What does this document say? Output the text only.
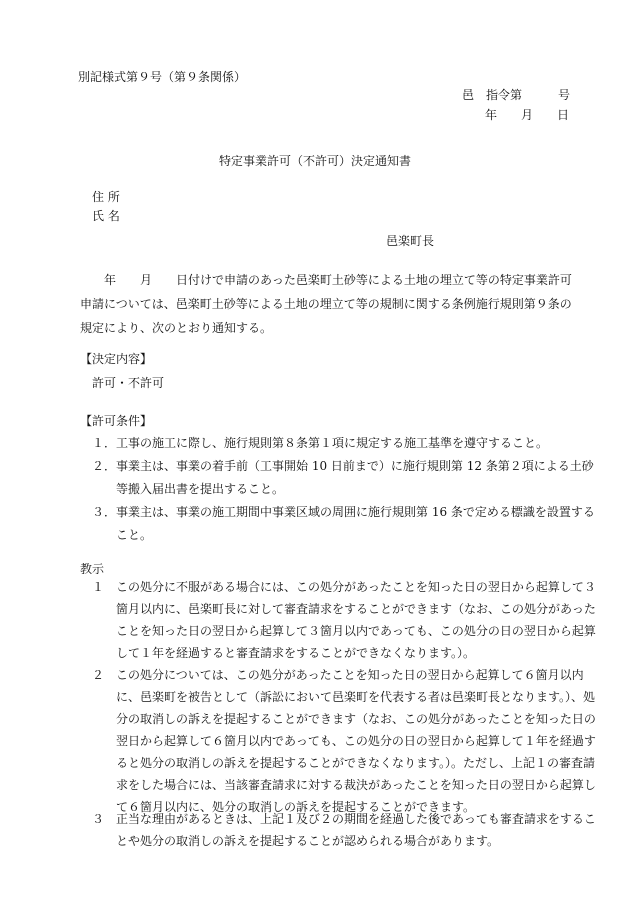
別記様式第９号（第９条関係）
邑　指令第　　　号
年　　月　　日
特定事業許可（不許可）決定通知書
住 所
氏 名
邑楽町長
　　年　　月　　日付けで申請のあった邑楽町土砂等による土地の埋立て等の特定事業許可申請については、邑楽町土砂等による土地の埋立て等の規制に関する条例施行規則第９条の規定により、次のとおり通知する。
【決定内容】
許可・不許可
【許可条件】
１． 工事の施工に際し、施行規則第８条第１項に規定する施工基準を遵守すること。
２． 事業主は、事業の着手前（工事開始 10 日前まで）に施行規則第 12 条第２項による土砂等搬入届出書を提出すること。
３． 事業主は、事業の施工期間中事業区域の周囲に施行規則第 16 条で定める標識を設置すること。
教示
１ この処分に不服がある場合には、この処分があったことを知った日の翌日から起算して３箇月以内に、邑楽町長に対して審査請求をすることができます（なお、この処分があったことを知った日の翌日から起算して３箇月以内であっても、この処分の日の翌日から起算して１年を経過すると審査請求をすることができなくなります。）。
２ この処分については、この処分があったことを知った日の翌日から起算して６箇月以内に、邑楽町を被告として（訴訟において邑楽町を代表する者は邑楽町長となります。）、処分の取消しの訴えを提起することができます（なお、この処分があったことを知った日の翌日から起算して６箇月以内であっても、この処分の日の翌日から起算して１年を経過すると処分の取消しの訴えを提起することができなくなります。）。ただし、上記１の審査請求をした場合には、当該審査請求に対する裁決があったことを知った日の翌日から起算して６箇月以内に、処分の取消しの訴えを提起することができます。
３ 正当な理由があるときは、上記１及び２の期間を経過した後であっても審査請求をすることや処分の取消しの訴えを提起することが認められる場合があります。
